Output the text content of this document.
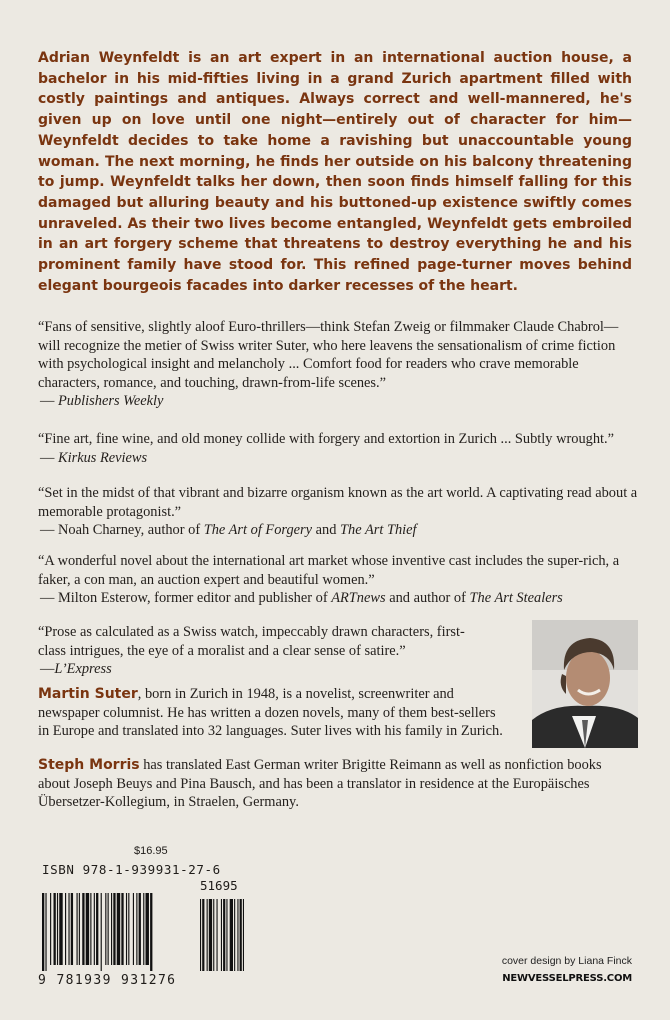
Adrian Weynfeldt is an art expert in an international auction house, a bachelor in his mid-fifties living in a grand Zurich apartment filled with costly paintings and antiques. Always correct and well-mannered, he's given up on love until one night—entirely out of character for him—Weynfeldt decides to take home a ravishing but unaccountable young woman. The next morning, he finds her outside on his balcony threatening to jump. Weynfeldt talks her down, then soon finds himself falling for this damaged but alluring beauty and his buttoned-up existence swiftly comes unraveled. As their two lives become entangled, Weynfeldt gets embroiled in an art forgery scheme that threatens to destroy everything he and his prominent family have stood for. This refined page-turner moves behind elegant bourgeois facades into darker recesses of the heart.

“Fans of sensitive, slightly aloof Euro-thrillers—think Stefan Zweig or filmmaker Claude Chabrol—will recognize the metier of Swiss writer Suter, who here leavens the sensationalism of crime fiction with psychological insight and melancholy ... Comfort food for readers who crave memorable characters, romance, and touching, drawn-from-life scenes.”

— Publishers Weekly

“Fine art, fine wine, and old money collide with forgery and extortion in Zurich ... Subtly wrought.”

— Kirkus Reviews

“Set in the midst of that vibrant and bizarre organism known as the art world. A captivating read about a memorable protagonist.”

— Noah Charney, author of The Art of Forgery and The Art Thief

“A wonderful novel about the international art market whose inventive cast includes the super-rich, a faker, a con man, an auction expert and beautiful women.”

— Milton Esterow, former editor and publisher of ARTnews and author of The Art Stealers

“Prose as calculated as a Swiss watch, impeccably drawn characters, first-class intrigues, the eye of a moralist and a clear sense of satire.”

—L’Express

Martin Suter, born in Zurich in 1948, is a novelist, screenwriter and newspaper columnist. He has written a dozen novels, many of them best-sellers in Europe and translated into 32 languages. Suter lives with his family in Zurich.

Steph Morris has translated East German writer Brigitte Reimann as well as nonfiction books about Joseph Beuys and Pina Bausch, and has been a translator in residence at the Europäisches Übersetzer-Kollegium, in Straelen, Germany.

$16.95
ISBN 978-1-939931-27-6
51695
9 781939 931276
cover design by Liana Finck
NEWVESSELPRESS.COM
